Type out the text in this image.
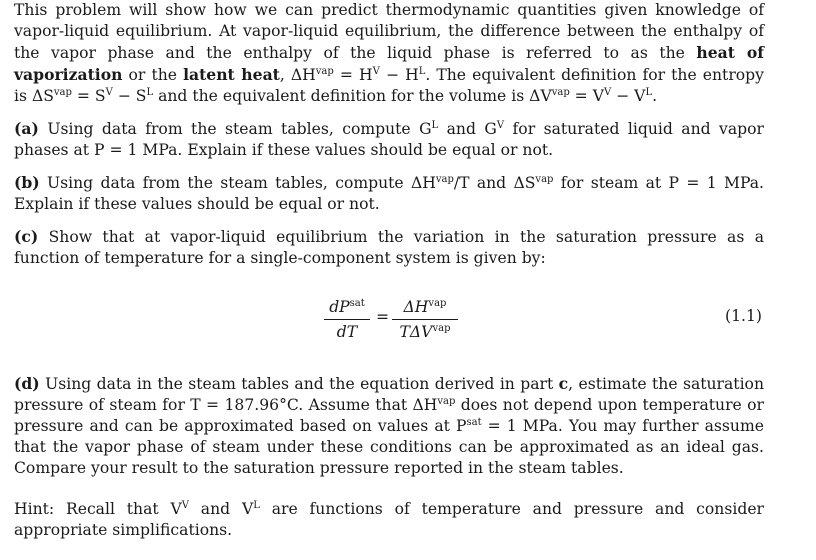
This problem will show how we can predict thermodynamic quantities given knowledge of vapor-liquid equilibrium. At vapor-liquid equilibrium, the difference between the enthalpy of the vapor phase and the enthalpy of the liquid phase is referred to as the heat of vaporization or the latent heat, $\Delta H^{vap} = H^V - H^L$. The equivalent definition for the entropy is $\Delta S^{vap} = S^V - S^L$ and the equivalent definition for the volume is $\Delta V^{vap} = V^V - V^L$.

(a) Using data from the steam tables, compute $G^L$ and $G^V$ for saturated liquid and vapor phases at P = 1 MPa. Explain if these values should be equal or not.

(b) Using data from the steam tables, compute $\Delta H^{vap}/T$ and $\Delta S^{vap}$ for steam at P = 1 MPa. Explain if these values should be equal or not.

(c) Show that at vapor-liquid equilibrium the variation in the saturation pressure as a function of temperature for a single-component system is given by:

$dP^{sat}$
dT
=
$\Delta H^{vap}$
$T\Delta V^{vap}$
(1.1)

(d) Using data in the steam tables and the equation derived in part c, estimate the saturation pressure of steam for T = 187.96°C. Assume that $\Delta H^{vap}$ does not depend upon temperature or pressure and can be approximated based on values at $P^{sat} = 1$ MPa. You may further assume that the vapor phase of steam under these conditions can be approximated as an ideal gas. Compare your result to the saturation pressure reported in the steam tables.

Hint: Recall that $V^V$ and $V^L$ are functions of temperature and pressure and consider appropriate simplifications.
